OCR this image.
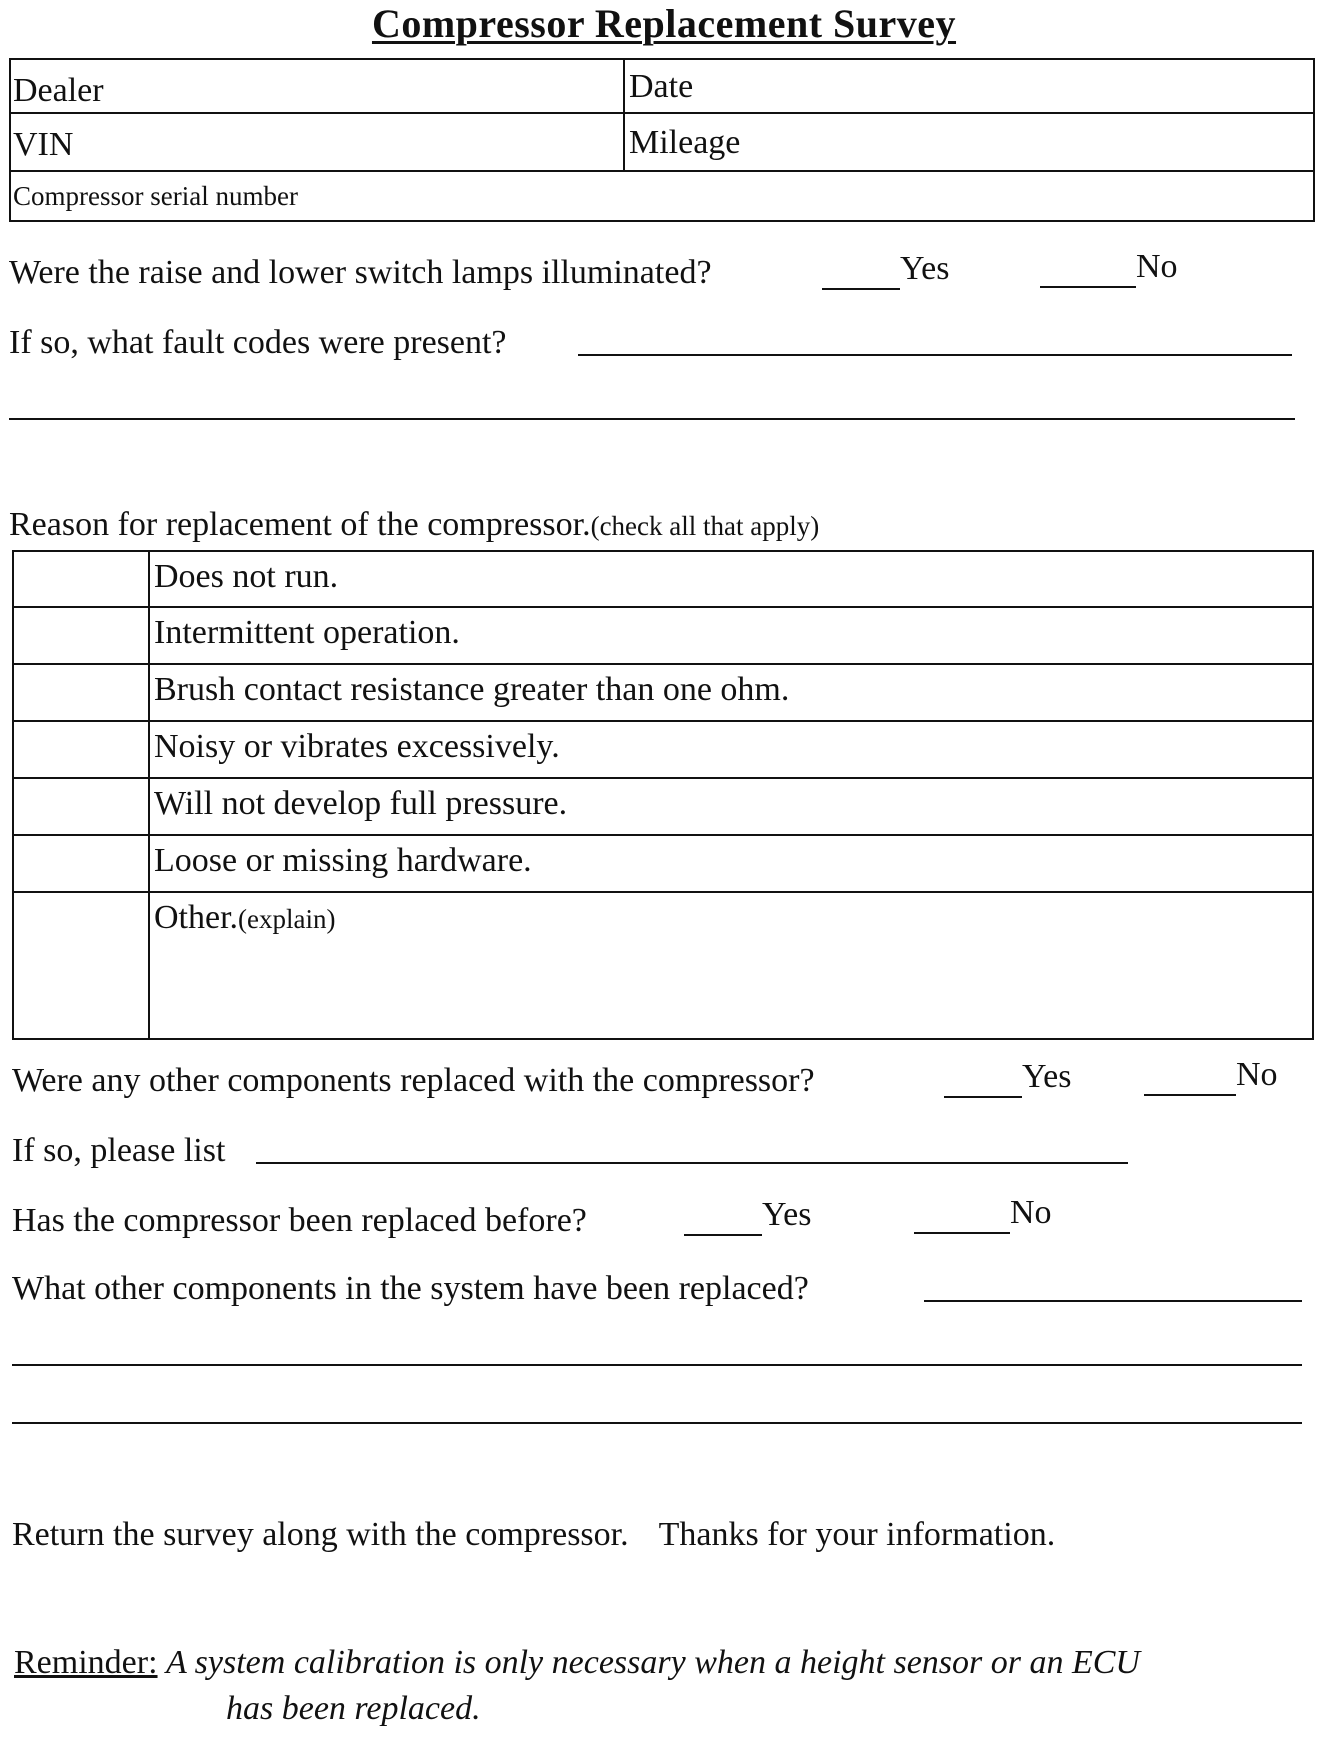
Compressor Replacement Survey
Dealer	Date
VIN	Mileage
Compressor serial number
Were the raise and lower switch lamps illuminated?	Yes	No
If so, what fault codes were present?
Reason for replacement of the compressor.(check all that apply)
Does not run.
Intermittent operation.
Brush contact resistance greater than one ohm.
Noisy or vibrates excessively.
Will not develop full pressure.
Loose or missing hardware.
Other.(explain)
Were any other components replaced with the compressor?	Yes	No
If so, please list
Has the compressor been replaced before?	Yes	No
What other components in the system have been replaced?
Return the survey along with the compressor. Thanks for your information.
Reminder: A system calibration is only necessary when a height sensor or an ECU
has been replaced.
